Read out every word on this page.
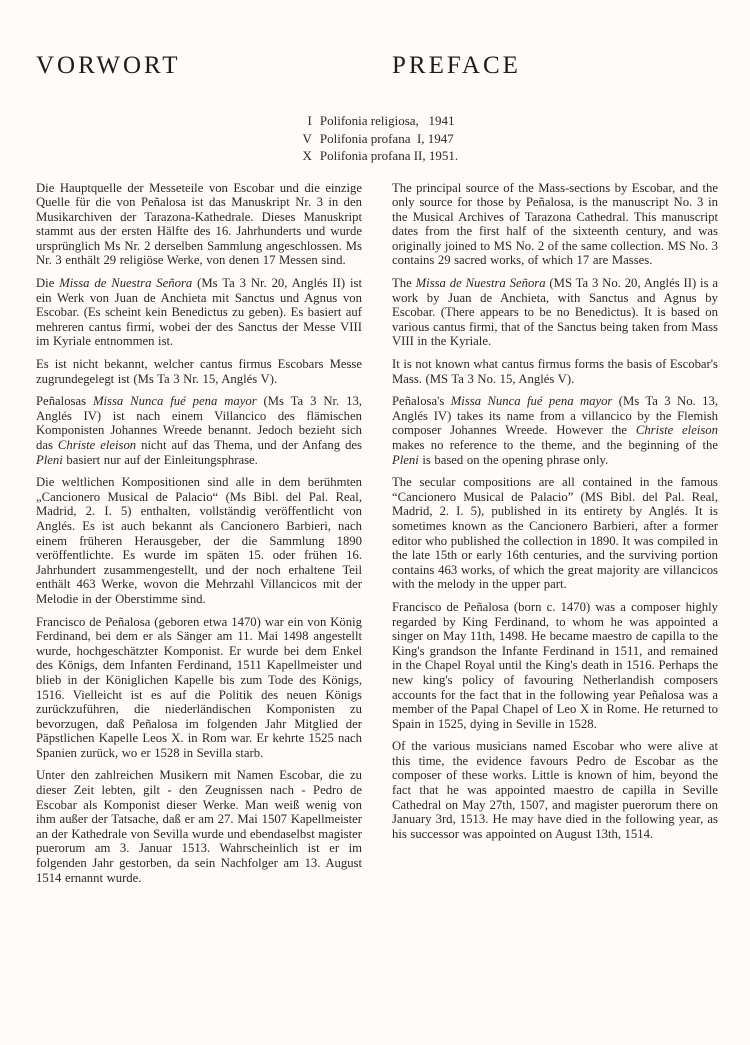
VORWORT	PREFACE

I Polifonia religiosa,   1941
V Polifonia profana  I, 1947
X Polifonia profana II, 1951.

Die Hauptquelle der Messeteile von Escobar und die einzige Quelle für die von Peñalosa ist das Manuskript Nr. 3 in den Musikarchiven der Tarazona-Kathedrale. Dieses Manuskript stammt aus der ersten Hälfte des 16. Jahrhunderts und wurde ursprünglich Ms Nr. 2 derselben Sammlung angeschlossen. Ms Nr. 3 enthält 29 religiöse Werke, von denen 17 Messen sind.

Die Missa de Nuestra Señora (Ms Ta 3 Nr. 20, Anglés II) ist ein Werk von Juan de Anchieta mit Sanctus und Agnus von Escobar. (Es scheint kein Benedictus zu geben). Es basiert auf mehreren cantus firmi, wobei der des Sanctus der Messe VIII im Kyriale entnommen ist.

Es ist nicht bekannt, welcher cantus firmus Escobars Messe zugrundegelegt ist (Ms Ta 3 Nr. 15, Anglés V).

Peñalosas Missa Nunca fué pena mayor (Ms Ta 3 Nr. 13, Anglés IV) ist nach einem Villancico des flämischen Komponisten Johannes Wreede benannt. Jedoch bezieht sich das Christe eleison nicht auf das Thema, und der Anfang des Pleni basiert nur auf der Einleitungsphrase.

Die weltlichen Kompositionen sind alle in dem berühmten „Cancionero Musical de Palacio“ (Ms Bibl. del Pal. Real, Madrid, 2. I. 5) enthalten, vollständig veröffentlicht von Anglés. Es ist auch bekannt als Cancionero Barbieri, nach einem früheren Herausgeber, der die Sammlung 1890 veröffentlichte. Es wurde im späten 15. oder frühen 16. Jahrhundert zusammengestellt, und der noch erhaltene Teil enthält 463 Werke, wovon die Mehrzahl Villancicos mit der Melodie in der Oberstimme sind.

Francisco de Peñalosa (geboren etwa 1470) war ein von König Ferdinand, bei dem er als Sänger am 11. Mai 1498 angestellt wurde, hochgeschätzter Komponist. Er wurde bei dem Enkel des Königs, dem Infanten Ferdinand, 1511 Kapellmeister und blieb in der Königlichen Kapelle bis zum Tode des Königs, 1516. Vielleicht ist es auf die Politik des neuen Königs zurückzuführen, die niederländischen Komponisten zu bevorzugen, daß Peñalosa im folgenden Jahr Mitglied der Päpstlichen Kapelle Leos X. in Rom war. Er kehrte 1525 nach Spanien zurück, wo er 1528 in Sevilla starb.

Unter den zahlreichen Musikern mit Namen Escobar, die zu dieser Zeit lebten, gilt - den Zeugnissen nach - Pedro de Escobar als Komponist dieser Werke. Man weiß wenig von ihm außer der Tatsache, daß er am 27. Mai 1507 Kapellmeister an der Kathedrale von Sevilla wurde und ebendaselbst magister puerorum am 3. Januar 1513. Wahrscheinlich ist er im folgenden Jahr gestorben, da sein Nachfolger am 13. August 1514 ernannt wurde.

The principal source of the Mass-sections by Escobar, and the only source for those by Peñalosa, is the manuscript No. 3 in the Musical Archives of Tarazona Cathedral. This manuscript dates from the first half of the sixteenth century, and was originally joined to MS No. 2 of the same collection. MS No. 3 contains 29 sacred works, of which 17 are Masses.

The Missa de Nuestra Señora (MS Ta 3 No. 20, Anglés II) is a work by Juan de Anchieta, with Sanctus and Agnus by Escobar. (There appears to be no Benedictus). It is based on various cantus firmi, that of the Sanctus being taken from Mass VIII in the Kyriale.

It is not known what cantus firmus forms the basis of Escobar's Mass. (MS Ta 3 No. 15, Anglés V).

Peñalosa's Missa Nunca fué pena mayor (Ms Ta 3 No. 13, Anglés IV) takes its name from a villancico by the Flemish composer Johannes Wreede. However the Christe eleison makes no reference to the theme, and the beginning of the Pleni is based on the opening phrase only.

The secular compositions are all contained in the famous “Cancionero Musical de Palacio” (MS Bibl. del Pal. Real, Madrid, 2. I. 5), published in its entirety by Anglés. It is sometimes known as the Cancionero Barbieri, after a former editor who published the collection in 1890. It was compiled in the late 15th or early 16th centuries, and the surviving portion contains 463 works, of which the great majority are villancicos with the melody in the upper part.

Francisco de Peñalosa (born c. 1470) was a composer highly regarded by King Ferdinand, to whom he was appointed a singer on May 11th, 1498. He became maestro de capilla to the King's grandson the Infante Ferdinand in 1511, and remained in the Chapel Royal until the King's death in 1516. Perhaps the new king's policy of favouring Netherlandish composers accounts for the fact that in the following year Peñalosa was a member of the Papal Chapel of Leo X in Rome. He returned to Spain in 1525, dying in Seville in 1528.

Of the various musicians named Escobar who were alive at this time, the evidence favours Pedro de Escobar as the composer of these works. Little is known of him, beyond the fact that he was appointed maestro de capilla in Seville Cathedral on May 27th, 1507, and magister puerorum there on January 3rd, 1513. He may have died in the following year, as his successor was appointed on August 13th, 1514.
